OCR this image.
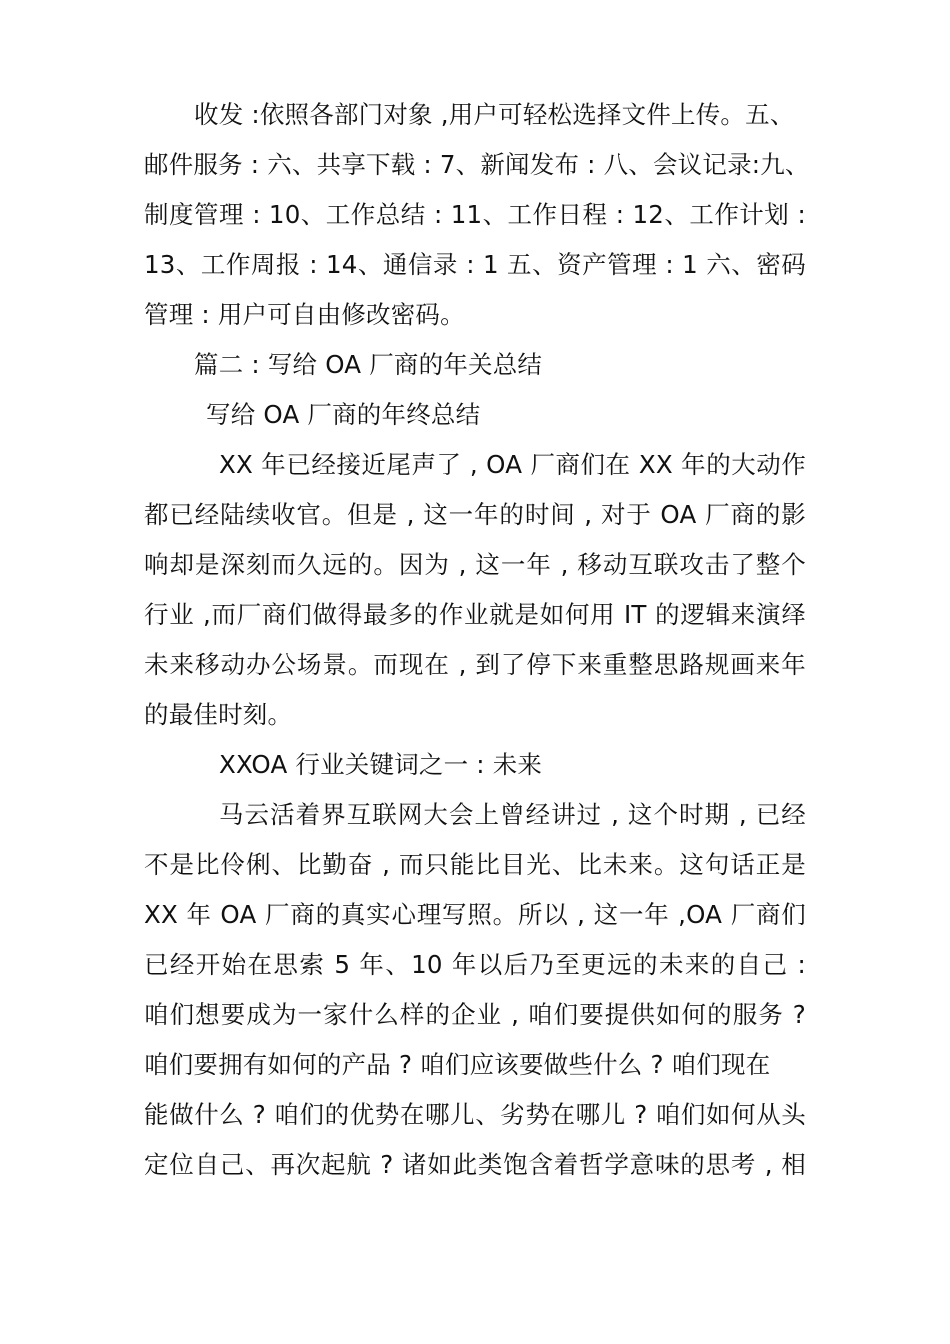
收发 :依照各部门对象 ,用户可轻松选择文件上传。五、
邮件服务 : 六、共享下载 : 7、新闻发布 : 八、会议记录:九、
制度管理 : 10、工作总结 : 11、工作日程 : 12、工作计划 :
13、工作周报 : 14、通信录 : 1 五、资产管理 : 1 六、密码
管理 : 用户可自由修改密码。
篇二 : 写给 OA 厂商的年关总结
写给 OA 厂商的年终总结
XX 年已经接近尾声了 , OA 厂商们在 XX 年的大动作
都已经陆续收官。但是 , 这一年的时间 , 对于 OA 厂商的影
响却是深刻而久远的。因为 , 这一年 , 移动互联攻击了整个
行业 ,而厂商们做得最多的作业就是如何用 IT 的逻辑来演绎
未来移动办公场景。而现在 , 到了停下来重整思路规画来年
的最佳时刻。
XXOA 行业关键词之一 : 未来
马云活着界互联网大会上曾经讲过 , 这个时期 , 已经
不是比伶俐、比勤奋 , 而只能比目光、比未来。这句话正是
XX 年 OA 厂商的真实心理写照。所以 , 这一年 ,OA 厂商们
已经开始在思索 5 年、10 年以后乃至更远的未来的自己 :
咱们想要成为一家什么样的企业 , 咱们要提供如何的服务 ?
咱们要拥有如何的产品 ? 咱们应该要做些什么 ? 咱们现在
能做什么 ? 咱们的优势在哪儿、劣势在哪儿 ? 咱们如何从头
定位自己、再次起航 ? 诸如此类饱含着哲学意味的思考 , 相
